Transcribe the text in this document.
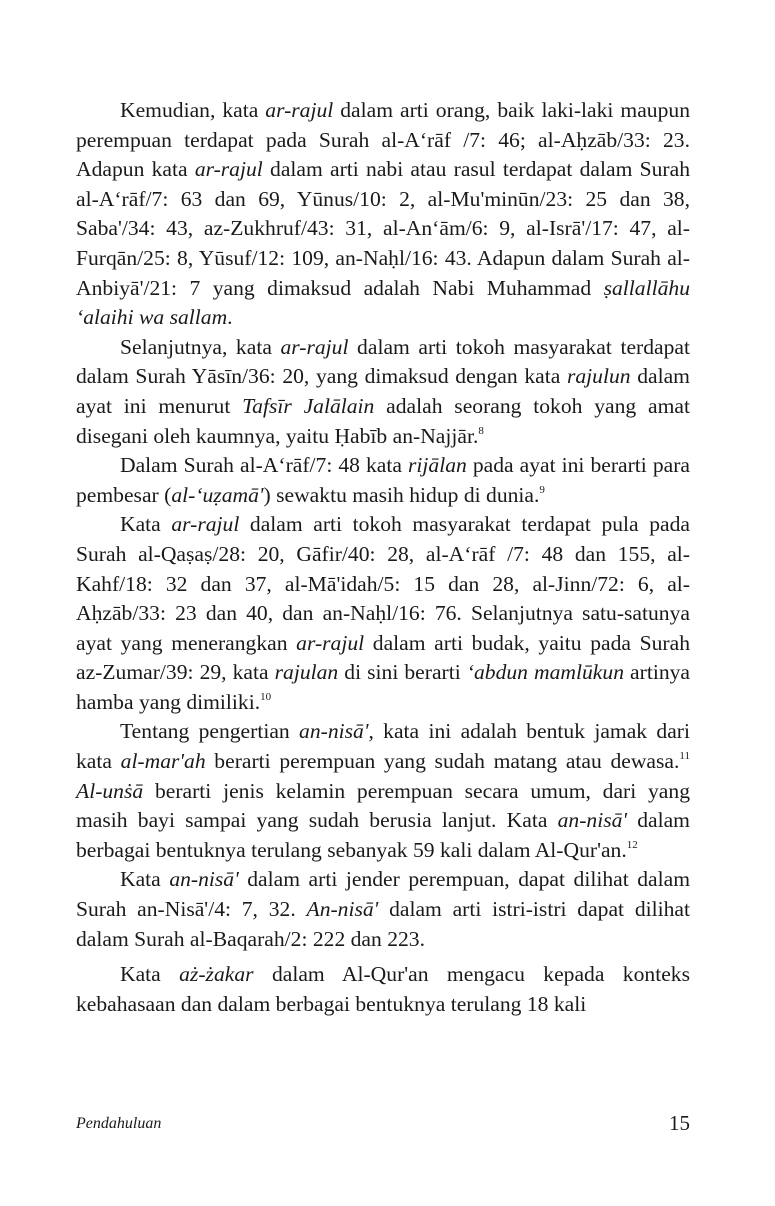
Kemudian, kata ar-rajul dalam arti orang, baik laki-laki maupun perempuan terdapat pada Surah al-A‘rāf /7: 46; al-Aḥzāb/33: 23. Adapun kata ar-rajul dalam arti nabi atau rasul terdapat dalam Surah al-A‘rāf/7: 63 dan 69, Yūnus/10: 2, al-Mu'minūn/23: 25 dan 38, Saba'/34: 43, az-Zukhruf/43: 31, al-An‘ām/6: 9, al-Isrā'/17: 47, al-Furqān/25: 8, Yūsuf/12: 109, an-Naḥl/16: 43. Adapun dalam Surah al-Anbiyā'/21: 7 yang dimaksud adalah Nabi Muhammad ṣallallāhu ‘alaihi wa sallam.

Selanjutnya, kata ar-rajul dalam arti tokoh masyarakat terdapat dalam Surah Yāsīn/36: 20, yang dimaksud dengan kata rajulun dalam ayat ini menurut Tafsīr Jalālain adalah seorang tokoh yang amat disegani oleh kaumnya, yaitu Ḥabīb an-Najjār.$^8$

Dalam Surah al-A‘rāf/7: 48 kata rijālan pada ayat ini berarti para pembesar (al-‘uẓamā') sewaktu masih hidup di dunia.$^9$

Kata ar-rajul dalam arti tokoh masyarakat terdapat pula pada Surah al-Qaṣaṣ/28: 20, Gāfir/40: 28, al-A‘rāf /7: 48 dan 155, al-Kahf/18: 32 dan 37, al-Mā'idah/5: 15 dan 28, al-Jinn/72: 6, al-Aḥzāb/33: 23 dan 40, dan an-Naḥl/16: 76. Selanjutnya satu-satunya ayat yang menerangkan ar-rajul dalam arti budak, yaitu pada Surah az-Zumar/39: 29, kata rajulan di sini berarti ‘abdun mamlūkun artinya hamba yang dimiliki.$^{10}$

Tentang pengertian an-nisā', kata ini adalah bentuk jamak dari kata al-mar'ah berarti perempuan yang sudah matang atau dewasa.$^{11}$ Al-unṡā berarti jenis kelamin perempuan secara umum, dari yang masih bayi sampai yang sudah berusia lanjut. Kata an-nisā' dalam berbagai bentuknya terulang sebanyak 59 kali dalam Al-Qur'an.$^{12}$

Kata an-nisā' dalam arti jender perempuan, dapat dilihat dalam Surah an-Nisā'/4: 7, 32. An-nisā' dalam arti istri-istri dapat dilihat dalam Surah al-Baqarah/2: 222 dan 223.

Kata aż-żakar dalam Al-Qur'an mengacu kepada konteks kebahasaan dan dalam berbagai bentuknya terulang 18 kali

Pendahuluan	15
